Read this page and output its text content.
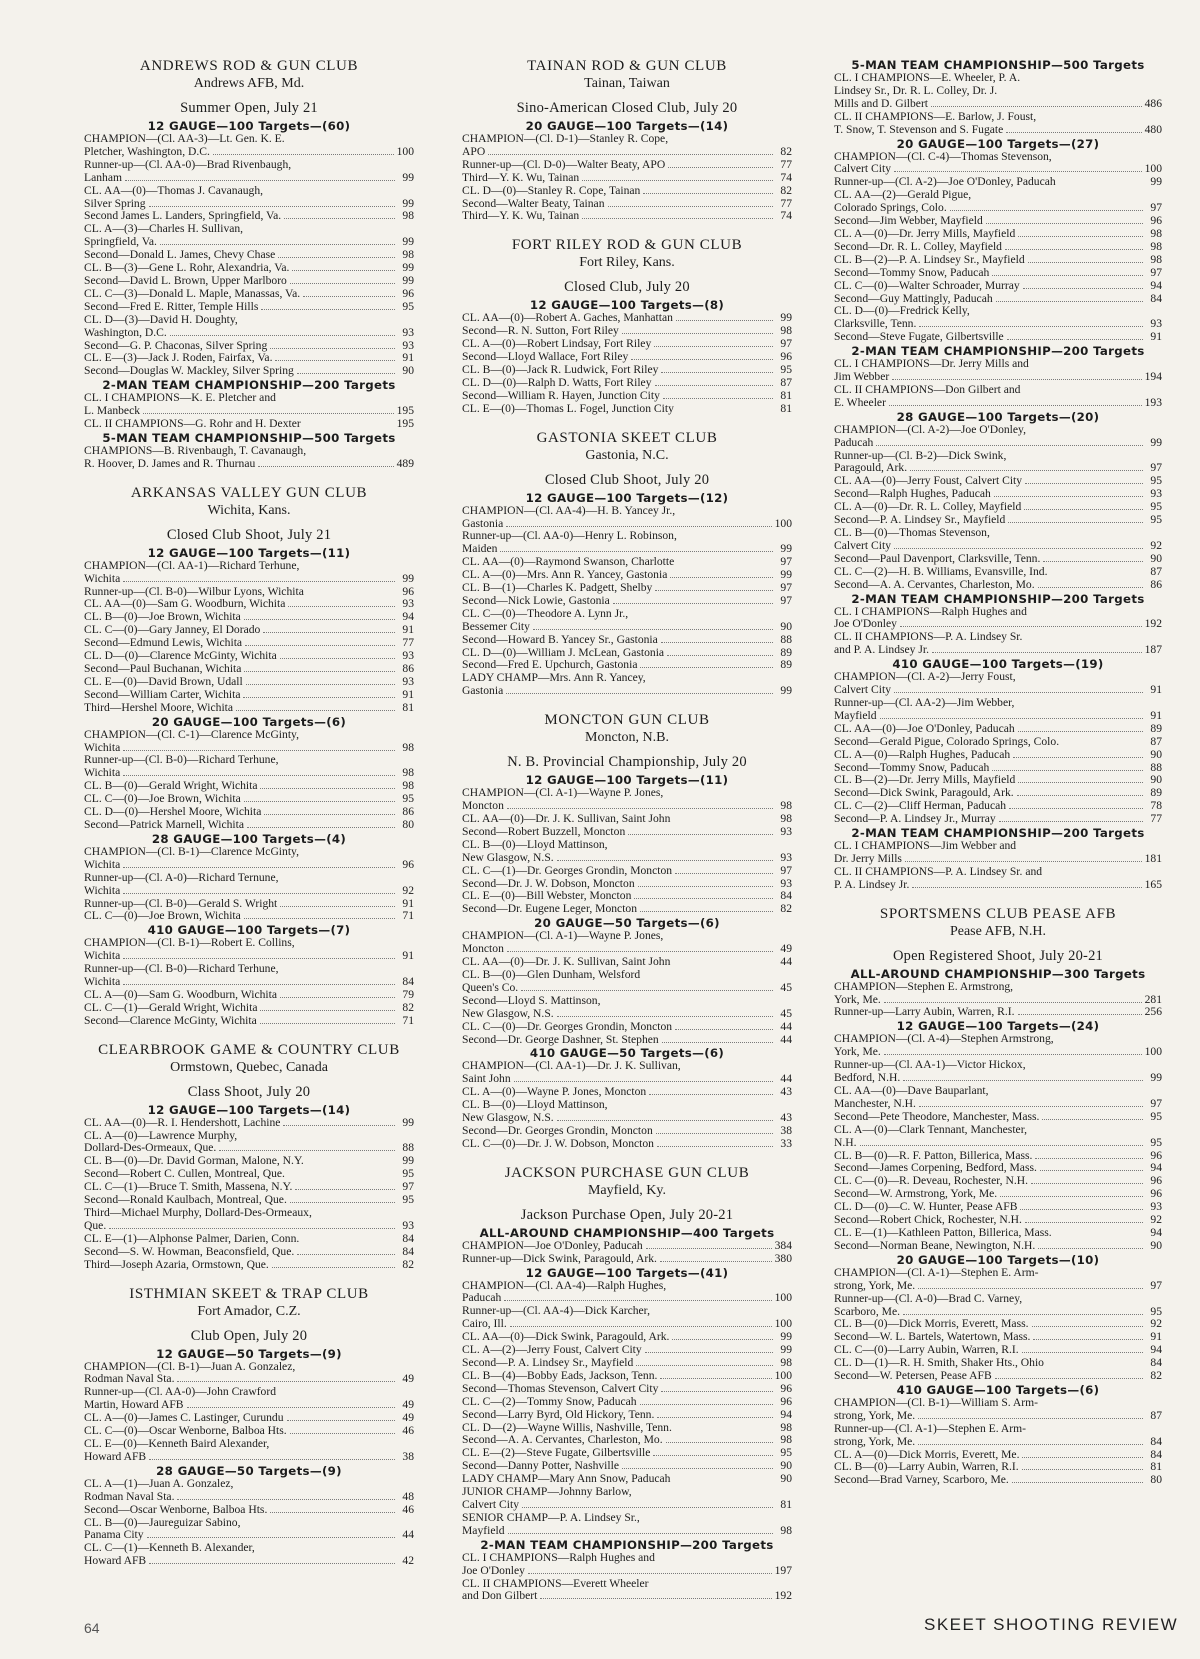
ANDREWS ROD & GUN CLUB
Andrews AFB, Md.
Summer Open, July 21
12 GAUGE—100 Targets—(60)
CHAMPION—(Cl. AA-3)—Lt. Gen. K. E.
Pletcher, Washington, D.C.	100
Runner-up—(Cl. AA-0)—Brad Rivenbaugh,
Lanham	99
CL. AA—(0)—Thomas J. Cavanaugh,
Silver Spring	99
Second James L. Landers, Springfield, Va.	98
CL. A—(3)—Charles H. Sullivan,
Springfield, Va.	99
Second—Donald L. James, Chevy Chase	98
CL. B—(3)—Gene L. Rohr, Alexandria, Va.	99
Second—David L. Brown, Upper Marlboro	99
CL. C—(3)—Donald L. Maple, Manassas, Va.	96
Second—Fred E. Ritter, Temple Hills	95
CL. D—(3)—David H. Doughty,
Washington, D.C.	93
Second—G. P. Chaconas, Silver Spring	93
CL. E—(3)—Jack J. Roden, Fairfax, Va.	91
Second—Douglas W. Mackley, Silver Spring	90
2-MAN TEAM CHAMPIONSHIP—200 Targets
CL. I CHAMPIONS—K. E. Pletcher and
L. Manbeck	195
CL. II CHAMPIONS—G. Rohr and H. Dexter	195
5-MAN TEAM CHAMPIONSHIP—500 Targets
CHAMPIONS—B. Rivenbaugh, T. Cavanaugh,
R. Hoover, D. James and R. Thurnau	489
ARKANSAS VALLEY GUN CLUB
Wichita, Kans.
Closed Club Shoot, July 21
12 GAUGE—100 Targets—(11)
CHAMPION—(Cl. AA-1)—Richard Terhune,
Wichita	99
Runner-up—(Cl. B-0)—Wilbur Lyons, Wichita	96
CL. AA—(0)—Sam G. Woodburn, Wichita	93
CL. B—(0)—Joe Brown, Wichita	94
CL. C—(0)—Gary Janney, El Dorado	91
Second—Edmund Lewis, Wichita	77
CL. D—(0)—Clarence McGinty, Wichita	93
Second—Paul Buchanan, Wichita	86
CL. E—(0)—David Brown, Udall	93
Second—William Carter, Wichita	91
Third—Hershel Moore, Wichita	81
20 GAUGE—100 Targets—(6)
CHAMPION—(Cl. C-1)—Clarence McGinty,
Wichita	98
Runner-up—(Cl. B-0)—Richard Terhune,
Wichita	98
CL. B—(0)—Gerald Wright, Wichita	98
CL. C—(0)—Joe Brown, Wichita	95
CL. D—(0)—Hershel Moore, Wichita	86
Second—Patrick Marnell, Wichita	80
28 GAUGE—100 Targets—(4)
CHAMPION—(Cl. B-1)—Clarence McGinty,
Wichita	96
Runner-up—(Cl. A-0)—Richard Ternune,
Wichita	92
Runner-up—(Cl. B-0)—Gerald S. Wright	91
CL. C—(0)—Joe Brown, Wichita	71
410 GAUGE—100 Targets—(7)
CHAMPION—(Cl. B-1)—Robert E. Collins,
Wichita	91
Runner-up—(Cl. B-0)—Richard Terhune,
Wichita	84
CL. A—(0)—Sam G. Woodburn, Wichita	79
CL. C—(1)—Gerald Wright, Wichita	82
Second—Clarence McGinty, Wichita	71
CLEARBROOK GAME & COUNTRY CLUB
Ormstown, Quebec, Canada
Class Shoot, July 20
12 GAUGE—100 Targets—(14)
CL. AA—(0)—R. I. Hendershott, Lachine	99
CL. A—(0)—Lawrence Murphy,
Dollard-Des-Ormeaux, Que.	88
CL. B—(0)—Dr. David Gorman, Malone, N.Y.	99
Second—Robert C. Cullen, Montreal, Que.	95
CL. C—(1)—Bruce T. Smith, Massena, N.Y.	97
Second—Ronald Kaulbach, Montreal, Que.	95
Third—Michael Murphy, Dollard-Des-Ormeaux,
Que.	93
CL. E—(1)—Alphonse Palmer, Darien, Conn.	84
Second—S. W. Howman, Beaconsfield, Que.	84
Third—Joseph Azaria, Ormstown, Que.	82
ISTHMIAN SKEET & TRAP CLUB
Fort Amador, C.Z.
Club Open, July 20
12 GAUGE—50 Targets—(9)
CHAMPION—(Cl. B-1)—Juan A. Gonzalez,
Rodman Naval Sta.	49
Runner-up—(Cl. AA-0)—John Crawford
Martin, Howard AFB	49
CL. A—(0)—James C. Lastinger, Curundu	49
CL. C—(0)—Oscar Wenborne, Balboa Hts.	46
CL. E—(0)—Kenneth Baird Alexander,
Howard AFB	38
28 GAUGE—50 Targets—(9)
CL. A—(1)—Juan A. Gonzalez,
Rodman Naval Sta.	48
Second—Oscar Wenborne, Balboa Hts.	46
CL. B—(0)—Jaureguizar Sabino,
Panama City	44
CL. C—(1)—Kenneth B. Alexander,
Howard AFB	42
TAINAN ROD & GUN CLUB
Tainan, Taiwan
Sino-American Closed Club, July 20
20 GAUGE—100 Targets—(14)
CHAMPION—(Cl. D-1)—Stanley R. Cope,
APO	82
Runner-up—(Cl. D-0)—Walter Beaty, APO	77
Third—Y. K. Wu, Tainan	74
CL. D—(0)—Stanley R. Cope, Tainan	82
Second—Walter Beaty, Tainan	77
Third—Y. K. Wu, Tainan	74
FORT RILEY ROD & GUN CLUB
Fort Riley, Kans.
Closed Club, July 20
12 GAUGE—100 Targets—(8)
CL. AA—(0)—Robert A. Gaches, Manhattan	99
Second—R. N. Sutton, Fort Riley	98
CL. A—(0)—Robert Lindsay, Fort Riley	97
Second—Lloyd Wallace, Fort Riley	96
CL. B—(0)—Jack R. Ludwick, Fort Riley	95
CL. D—(0)—Ralph D. Watts, Fort Riley	87
Second—William R. Hayen, Junction City	81
CL. E—(0)—Thomas L. Fogel, Junction City	81
GASTONIA SKEET CLUB
Gastonia, N.C.
Closed Club Shoot, July 20
12 GAUGE—100 Targets—(12)
CHAMPION—(Cl. AA-4)—H. B. Yancey Jr.,
Gastonia	100
Runner-up—(Cl. AA-0)—Henry L. Robinson,
Maiden	99
CL. AA—(0)—Raymond Swanson, Charlotte	97
CL. A—(0)—Mrs. Ann R. Yancey, Gastonia	99
CL. B—(1)—Charles K. Padgett, Shelby	97
Second—Nick Lowie, Gastonia	97
CL. C—(0)—Theodore A. Lynn Jr.,
Bessemer City	90
Second—Howard B. Yancey Sr., Gastonia	88
CL. D—(0)—William J. McLean, Gastonia	89
Second—Fred E. Upchurch, Gastonia	89
LADY CHAMP—Mrs. Ann R. Yancey,
Gastonia	99
MONCTON GUN CLUB
Moncton, N.B.
N. B. Provincial Championship, July 20
12 GAUGE—100 Targets—(11)
CHAMPION—(Cl. A-1)—Wayne P. Jones,
Moncton	98
CL. AA—(0)—Dr. J. K. Sullivan, Saint John	98
Second—Robert Buzzell, Moncton	93
CL. B—(0)—Lloyd Mattinson,
New Glasgow, N.S.	93
CL. C—(1)—Dr. Georges Grondin, Moncton	97
Second—Dr. J. W. Dobson, Moncton	93
CL. E—(0)—Bill Webster, Moncton	84
Second—Dr. Eugene Leger, Moncton	82
20 GAUGE—50 Targets—(6)
CHAMPION—(Cl. A-1)—Wayne P. Jones,
Moncton	49
CL. AA—(0)—Dr. J. K. Sullivan, Saint John	44
CL. B—(0)—Glen Dunham, Welsford
Queen's Co.	45
Second—Lloyd S. Mattinson,
New Glasgow, N.S.	45
CL. C—(0)—Dr. Georges Grondin, Moncton	44
Second—Dr. George Dashner, St. Stephen	44
410 GAUGE—50 Targets—(6)
CHAMPION—(Cl. AA-1)—Dr. J. K. Sullivan,
Saint John	44
CL. A—(0)—Wayne P. Jones, Moncton	43
CL. B—(0)—Lloyd Mattinson,
New Glasgow, N.S.	43
Second—Dr. Georges Grondin, Moncton	38
CL. C—(0)—Dr. J. W. Dobson, Moncton	33
JACKSON PURCHASE GUN CLUB
Mayfield, Ky.
Jackson Purchase Open, July 20-21
ALL-AROUND CHAMPIONSHIP—400 Targets
CHAMPION—Joe O'Donley, Paducah	384
Runner-up—Dick Swink, Paragould, Ark.	380
12 GAUGE—100 Targets—(41)
CHAMPION—(Cl. AA-4)—Ralph Hughes,
Paducah	100
Runner-up—(Cl. AA-4)—Dick Karcher,
Cairo, Ill.	100
CL. AA—(0)—Dick Swink, Paragould, Ark.	99
CL. A—(2)—Jerry Foust, Calvert City	99
Second—P. A. Lindsey Sr., Mayfield	98
CL. B—(4)—Bobby Eads, Jackson, Tenn.	100
Second—Thomas Stevenson, Calvert City	96
CL. C—(2)—Tommy Snow, Paducah	96
Second—Larry Byrd, Old Hickory, Tenn.	94
CL. D—(2)—Wayne Willis, Nashville, Tenn.	98
Second—A. A. Cervantes, Charleston, Mo.	98
CL. E—(2)—Steve Fugate, Gilbertsville	95
Second—Danny Potter, Nashville	90
LADY CHAMP—Mary Ann Snow, Paducah	90
JUNIOR CHAMP—Johnny Barlow,
Calvert City	81
SENIOR CHAMP—P. A. Lindsey Sr.,
Mayfield	98
2-MAN TEAM CHAMPIONSHIP—200 Targets
CL. I CHAMPIONS—Ralph Hughes and
Joe O'Donley	197
CL. II CHAMPIONS—Everett Wheeler
and Don Gilbert	192
5-MAN TEAM CHAMPIONSHIP—500 Targets
CL. I CHAMPIONS—E. Wheeler, P. A.
Lindsey Sr., Dr. R. L. Colley, Dr. J.
Mills and D. Gilbert	486
CL. II CHAMPIONS—E. Barlow, J. Foust,
T. Snow, T. Stevenson and S. Fugate	480
20 GAUGE—100 Targets—(27)
CHAMPION—(Cl. C-4)—Thomas Stevenson,
Calvert City	100
Runner-up—(Cl. A-2)—Joe O'Donley, Paducah	99
CL. AA—(2)—Gerald Pigue,
Colorado Springs, Colo.	97
Second—Jim Webber, Mayfield	96
CL. A—(0)—Dr. Jerry Mills, Mayfield	98
Second—Dr. R. L. Colley, Mayfield	98
CL. B—(2)—P. A. Lindsey Sr., Mayfield	98
Second—Tommy Snow, Paducah	97
CL. C—(0)—Walter Schroader, Murray	94
Second—Guy Mattingly, Paducah	84
CL. D—(0)—Fredrick Kelly,
Clarksville, Tenn.	93
Second—Steve Fugate, Gilbertsville	91
2-MAN TEAM CHAMPIONSHIP—200 Targets
CL. I CHAMPIONS—Dr. Jerry Mills and
Jim Webber	194
CL. II CHAMPIONS—Don Gilbert and
E. Wheeler	193
28 GAUGE—100 Targets—(20)
CHAMPION—(Cl. A-2)—Joe O'Donley,
Paducah	99
Runner-up—(Cl. B-2)—Dick Swink,
Paragould, Ark.	97
CL. AA—(0)—Jerry Foust, Calvert City	95
Second—Ralph Hughes, Paducah	93
CL. A—(0)—Dr. R. L. Colley, Mayfield	95
Second—P. A. Lindsey Sr., Mayfield	95
CL. B—(0)—Thomas Stevenson,
Calvert City	92
Second—Paul Davenport, Clarksville, Tenn.	90
CL. C—(2)—H. B. Williams, Evansville, Ind.	87
Second—A. A. Cervantes, Charleston, Mo.	86
2-MAN TEAM CHAMPIONSHIP—200 Targets
CL. I CHAMPIONS—Ralph Hughes and
Joe O'Donley	192
CL. II CHAMPIONS—P. A. Lindsey Sr.
and P. A. Lindsey Jr.	187
410 GAUGE—100 Targets—(19)
CHAMPION—(Cl. A-2)—Jerry Foust,
Calvert City	91
Runner-up—(Cl. AA-2)—Jim Webber,
Mayfield	91
CL. AA—(0)—Joe O'Donley, Paducah	89
Second—Gerald Pigue, Colorado Springs, Colo.	87
CL. A—(0)—Ralph Hughes, Paducah	90
Second—Tommy Snow, Paducah	88
CL. B—(2)—Dr. Jerry Mills, Mayfield	90
Second—Dick Swink, Paragould, Ark.	89
CL. C—(2)—Cliff Herman, Paducah	78
Second—P. A. Lindsey Jr., Murray	77
2-MAN TEAM CHAMPIONSHIP—200 Targets
CL. I CHAMPIONS—Jim Webber and
Dr. Jerry Mills	181
CL. II CHAMPIONS—P. A. Lindsey Sr. and
P. A. Lindsey Jr.	165
SPORTSMENS CLUB PEASE AFB
Pease AFB, N.H.
Open Registered Shoot, July 20-21
ALL-AROUND CHAMPIONSHIP—300 Targets
CHAMPION—Stephen E. Armstrong,
York, Me.	281
Runner-up—Larry Aubin, Warren, R.I.	256
12 GAUGE—100 Targets—(24)
CHAMPION—(Cl. A-4)—Stephen Armstrong,
York, Me.	100
Runner-up—(Cl. AA-1)—Victor Hickox,
Bedford, N.H.	99
CL. AA—(0)—Dave Bauparlant,
Manchester, N.H.	97
Second—Pete Theodore, Manchester, Mass.	95
CL. A—(0)—Clark Tennant, Manchester,
N.H.	95
CL. B—(0)—R. F. Patton, Billerica, Mass.	96
Second—James Corpening, Bedford, Mass.	94
CL. C—(0)—R. Deveau, Rochester, N.H.	96
Second—W. Armstrong, York, Me.	96
CL. D—(0)—C. W. Hunter, Pease AFB	93
Second—Robert Chick, Rochester, N.H.	92
CL. E—(1)—Kathleen Patton, Billerica, Mass.	94
Second—Norman Beane, Newington, N.H.	90
20 GAUGE—100 Targets—(10)
CHAMPION—(Cl. A-1)—Stephen E. Arm-
strong, York, Me.	97
Runner-up—(Cl. A-0)—Brad C. Varney,
Scarboro, Me.	95
CL. B—(0)—Dick Morris, Everett, Mass.	92
Second—W. L. Bartels, Watertown, Mass.	91
CL. C—(0)—Larry Aubin, Warren, R.I.	94
CL. D—(1)—R. H. Smith, Shaker Hts., Ohio	84
Second—W. Petersen, Pease AFB	82
410 GAUGE—100 Targets—(6)
CHAMPION—(Cl. B-1)—William S. Arm-
strong, York, Me.	87
Runner-up—(Cl. A-1)—Stephen E. Arm-
strong, York, Me.	84
CL. A—(0)—Dick Morris, Everett, Me.	84
CL. B—(0)—Larry Aubin, Warren, R.I.	81
Second—Brad Varney, Scarboro, Me.	80
64	SKEET SHOOTING REVIEW
